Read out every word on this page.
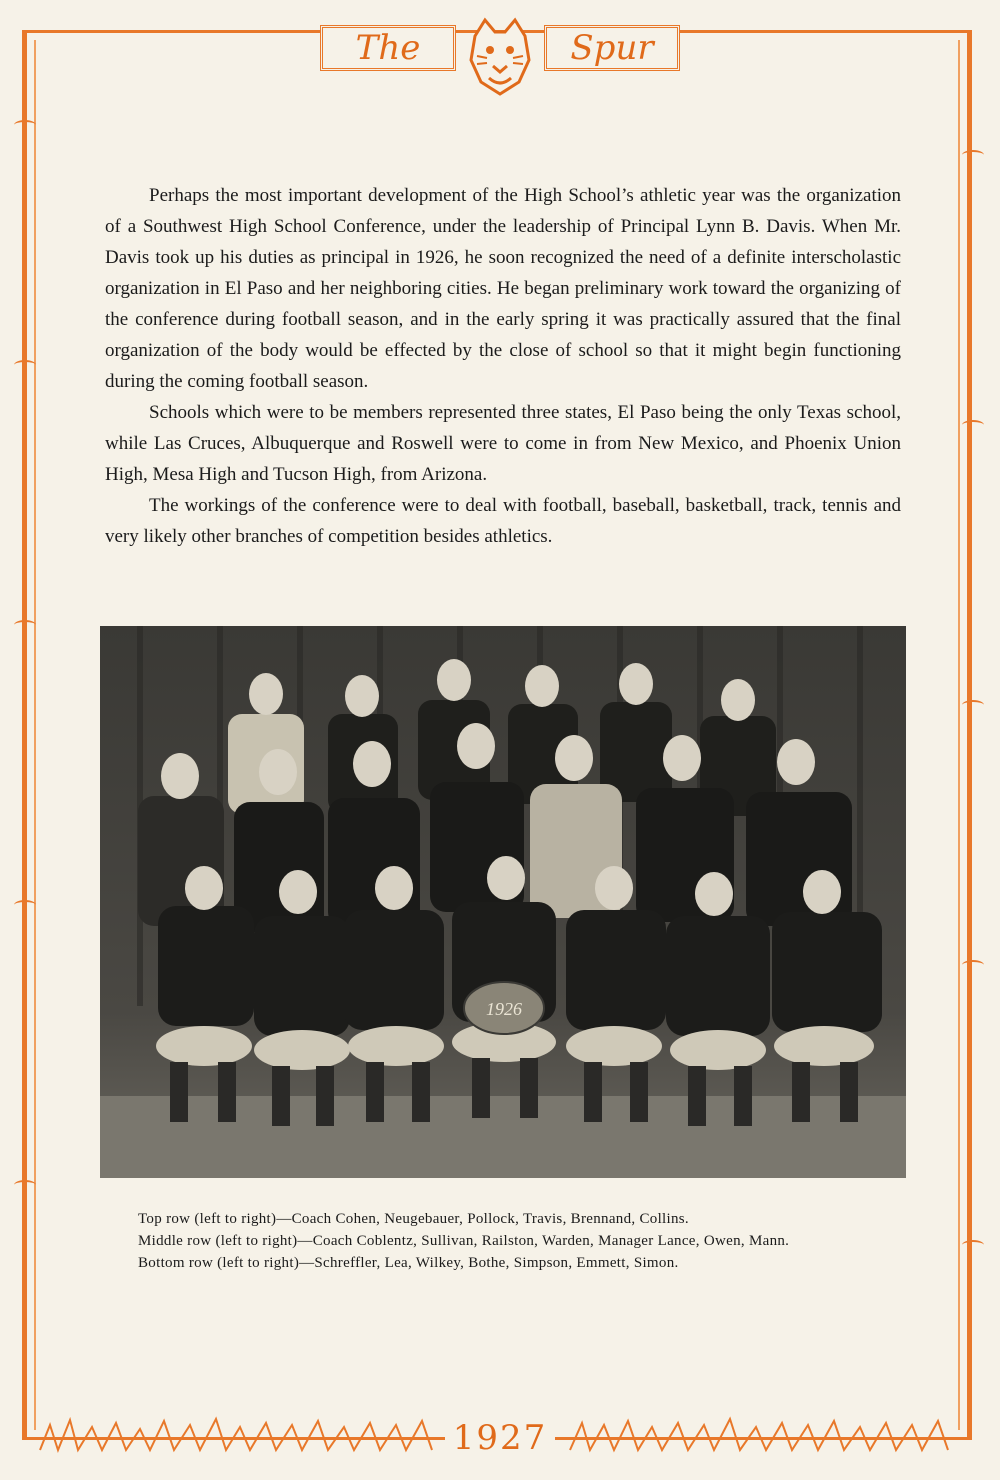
The	Spur

Perhaps the most important development of the High School’s athletic year was the organization of a Southwest High School Conference, under the leadership of Principal Lynn B. Davis. When Mr. Davis took up his duties as principal in 1926, he soon recognized the need of a definite interscholastic organization in El Paso and her neighboring cities. He began preliminary work toward the organizing of the conference during football season, and in the early spring it was practically assured that the final organization of the body would be effected by the close of school so that it might begin functioning during the coming football season.

Schools which were to be members represented three states, El Paso being the only Texas school, while Las Cruces, Albuquerque and Roswell were to come in from New Mexico, and Phoenix Union High, Mesa High and Tucson High, from Arizona.

The workings of the conference were to deal with football, baseball, basketball, track, tennis and very likely other branches of competition besides athletics.

1926

Top row (left to right)—Coach Cohen, Neugebauer, Pollock, Travis, Brennand, Collins.

Middle row (left to right)—Coach Coblentz, Sullivan, Railston, Warden, Manager Lance, Owen, Mann.

Bottom row (left to right)—Schreffler, Lea, Wilkey, Bothe, Simpson, Emmett, Simon.

1927
